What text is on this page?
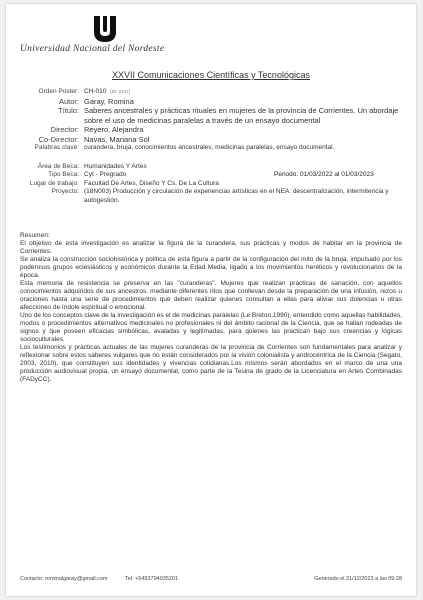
Universidad Nacional del Nordeste
XXVII Comunicaciones Científicas y Tecnológicas
Orden Poster: CH-010 [ID: 2247]
Autor: Garay, Romina
Título: Saberes ancestrales y prácticas rituales en mujeres de la provincia de Corrientes. Un abordaje sobre el uso de medicinas paralelas a través de un ensayo documental
Director: Reyero, Alejandra
Co-Director: Navas, Mariana Sol
Palabras clave: curandera, bruja, conocimientos ancestrales, medicinas paralelas, ensayo documental.
Área de Beca: Humanidades Y Artes
Tipo Beca: Cyt - Pregrado	Periodo: 01/03/2022 al 01/03/2023
Lugar de trabajo: Facultad De Artes, Diseño Y Cs. De La Cultura
Proyecto: (18N003) Producción y circulación de experiencias artísticas en el NEA: descentralización, intermitencia y autogestión.

Resumen:

El objetivo de esta investigación es analizar la figura de la curandera, sus prácticas y modos de habitar en la provincia de Corrientes.

Se analiza la construcción sociohistórica y política de esta figura a partir de la configuración del mito de la bruja, impulsado por los poderosos grupos eclesiásticos y económicos durante la Edad Media, ligado a los movimientos heréticos y revolucionarios de la época.

Esta memoria de resistencia se preserva en las "curanderas". Mujeres que realizan prácticas de sanación, con aquellos conocimientos adquiridos de sus ancestros, mediante diferentes ritos que conllevan desde la preparación de una infusión, rezos u oraciones hasta una serie de procedimientos que deben realizar quienes consultan a ellas para aliviar sus dolencias u otras afecciones de índole espiritual o emocional.

Uno de los conceptos clave de la investigación es el de medicinas paralelas (Le Breton,1990), entendido como aquellas habilidades, modos o procedimientos alternativos medicinales no profesionales ni del ámbito racional de la Ciencia, que se hallan rodeadas de signos y que poseen eficacias simbólicas, avaladas y legitimadas, para quienes las practican bajo sus creencias y lógicas socioculturales.

Los testimonios y prácticas actuales de las mujeres curanderas de la provincia de Corrientes son fundamentales para analizar y reflexionar sobre estos saberes vulgares que no están considerados por la visión colonialista y androcéntrica de la Ciencia (Segato, 2003, 2010), que constituyen sus identidades y vivencias cotidianas.Los mismos serán abordados en el marco de una una producción audiovisual propia, un ensayo documental, como parte de la Tesina de grado de la Licenciatura en Artes Combinadas (FADyCC).

Contacto: rominalgaray@gmail.com	Tel: +5493794035201	Generado el 21/12/2023 a las 09:28
